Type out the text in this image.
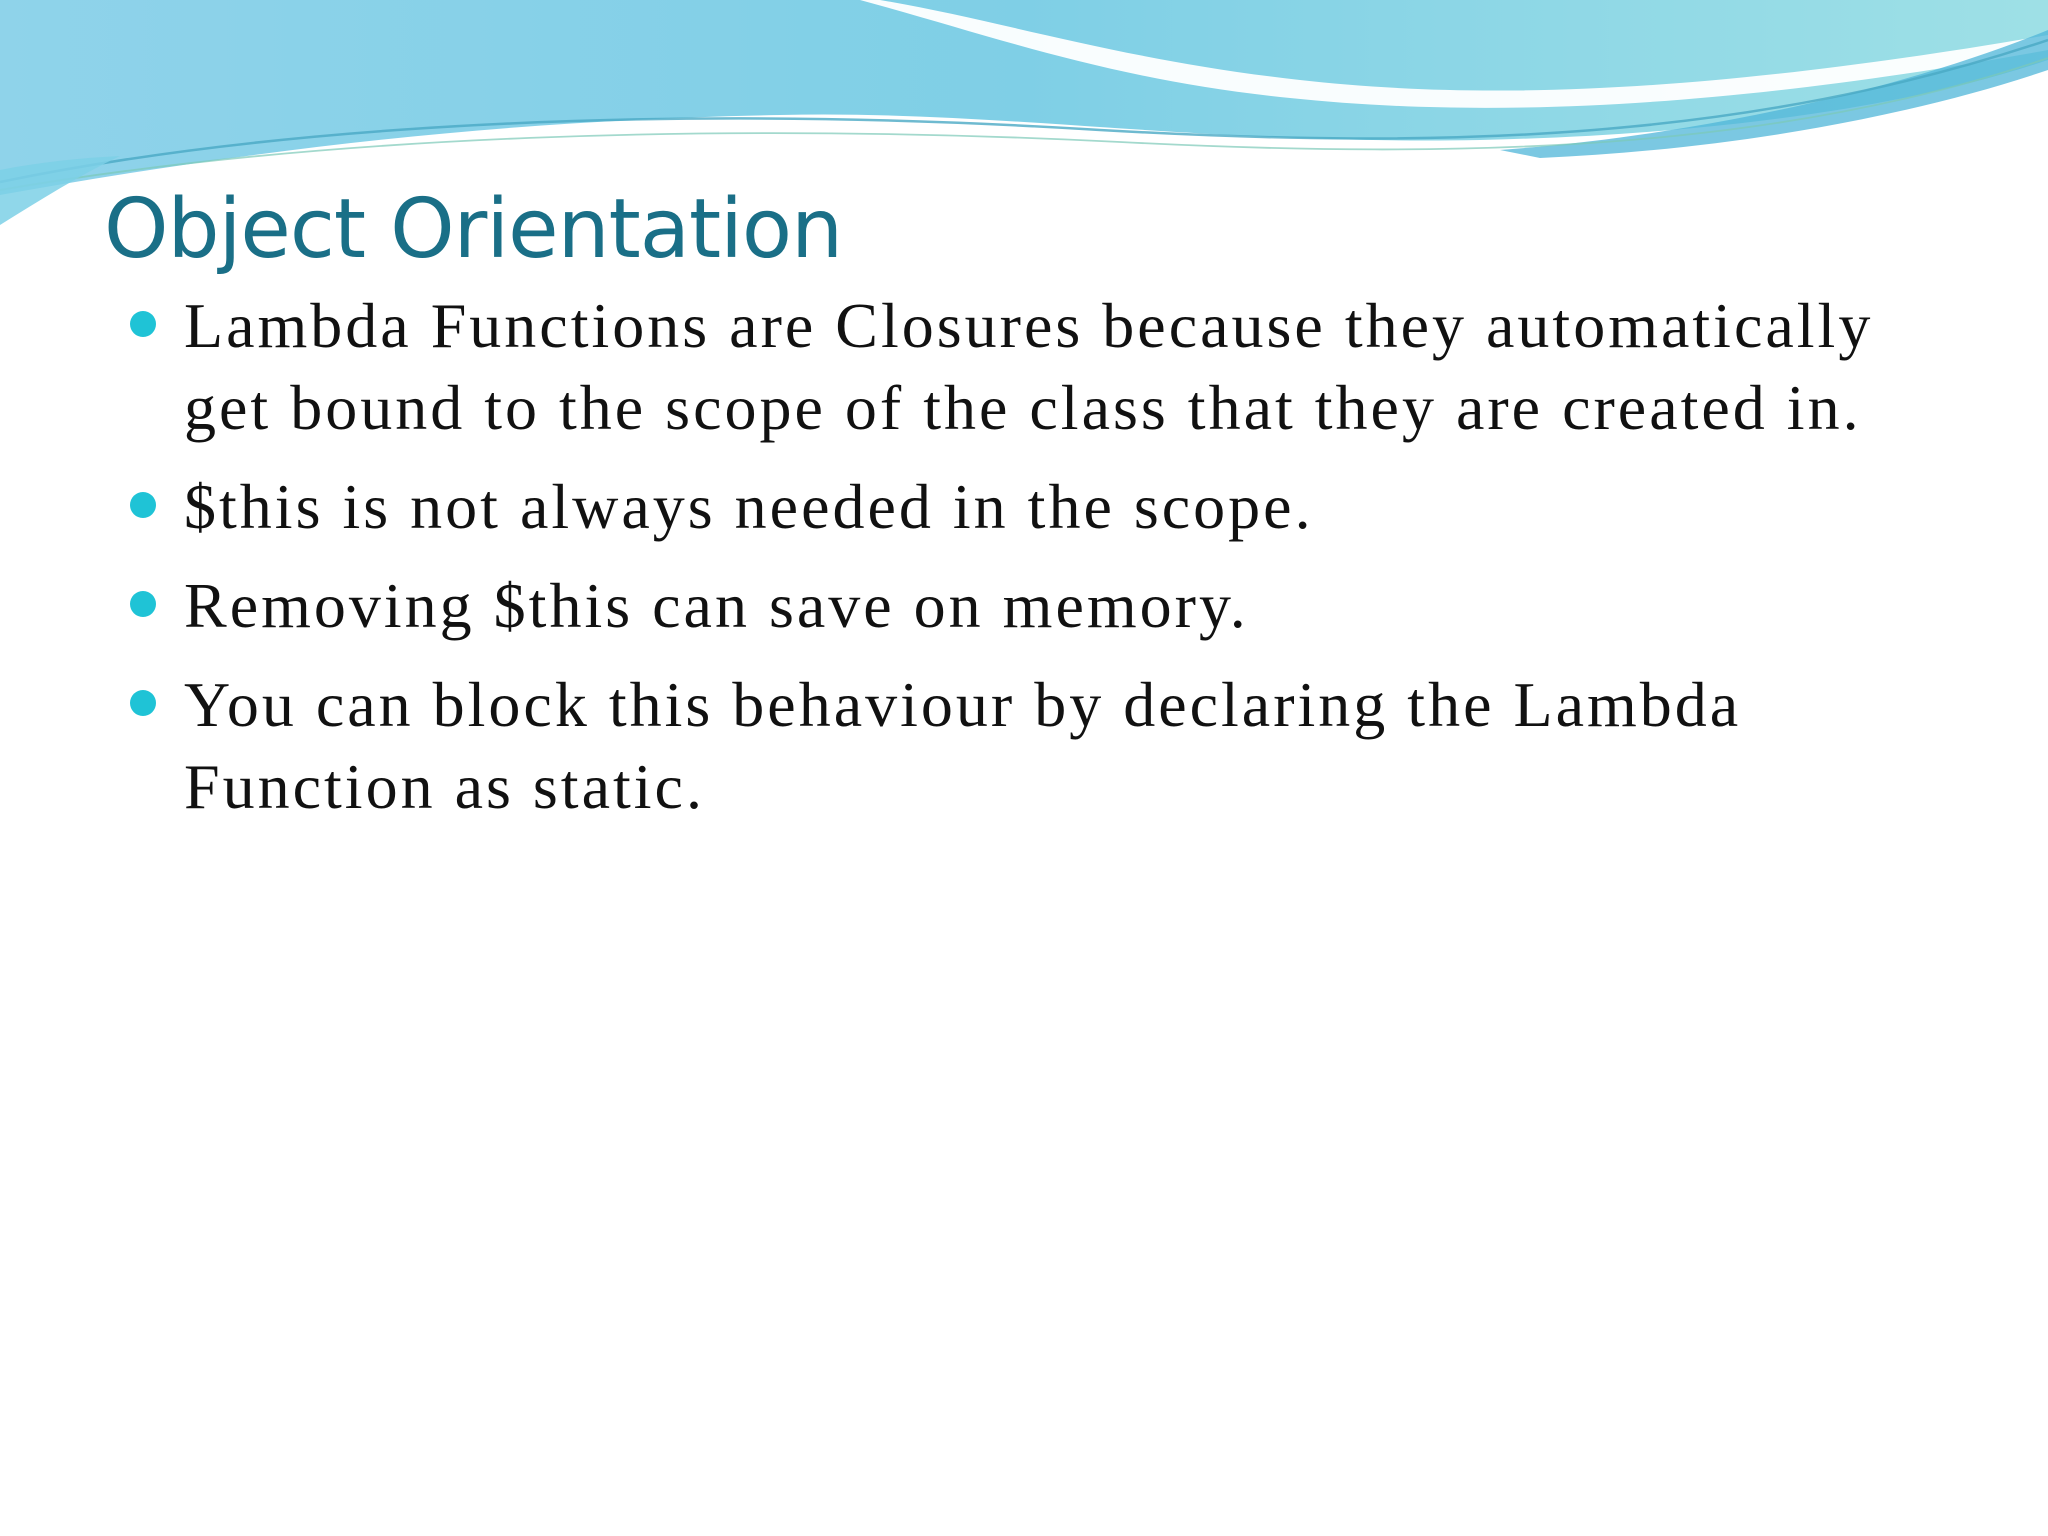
Object Orientation
Lambda Functions are Closures because they automatically get bound to the scope of the class that they are created in.
$this is not always needed in the scope.
Removing $this can save on memory.
You can block this behaviour by declaring the Lambda Function as static.
